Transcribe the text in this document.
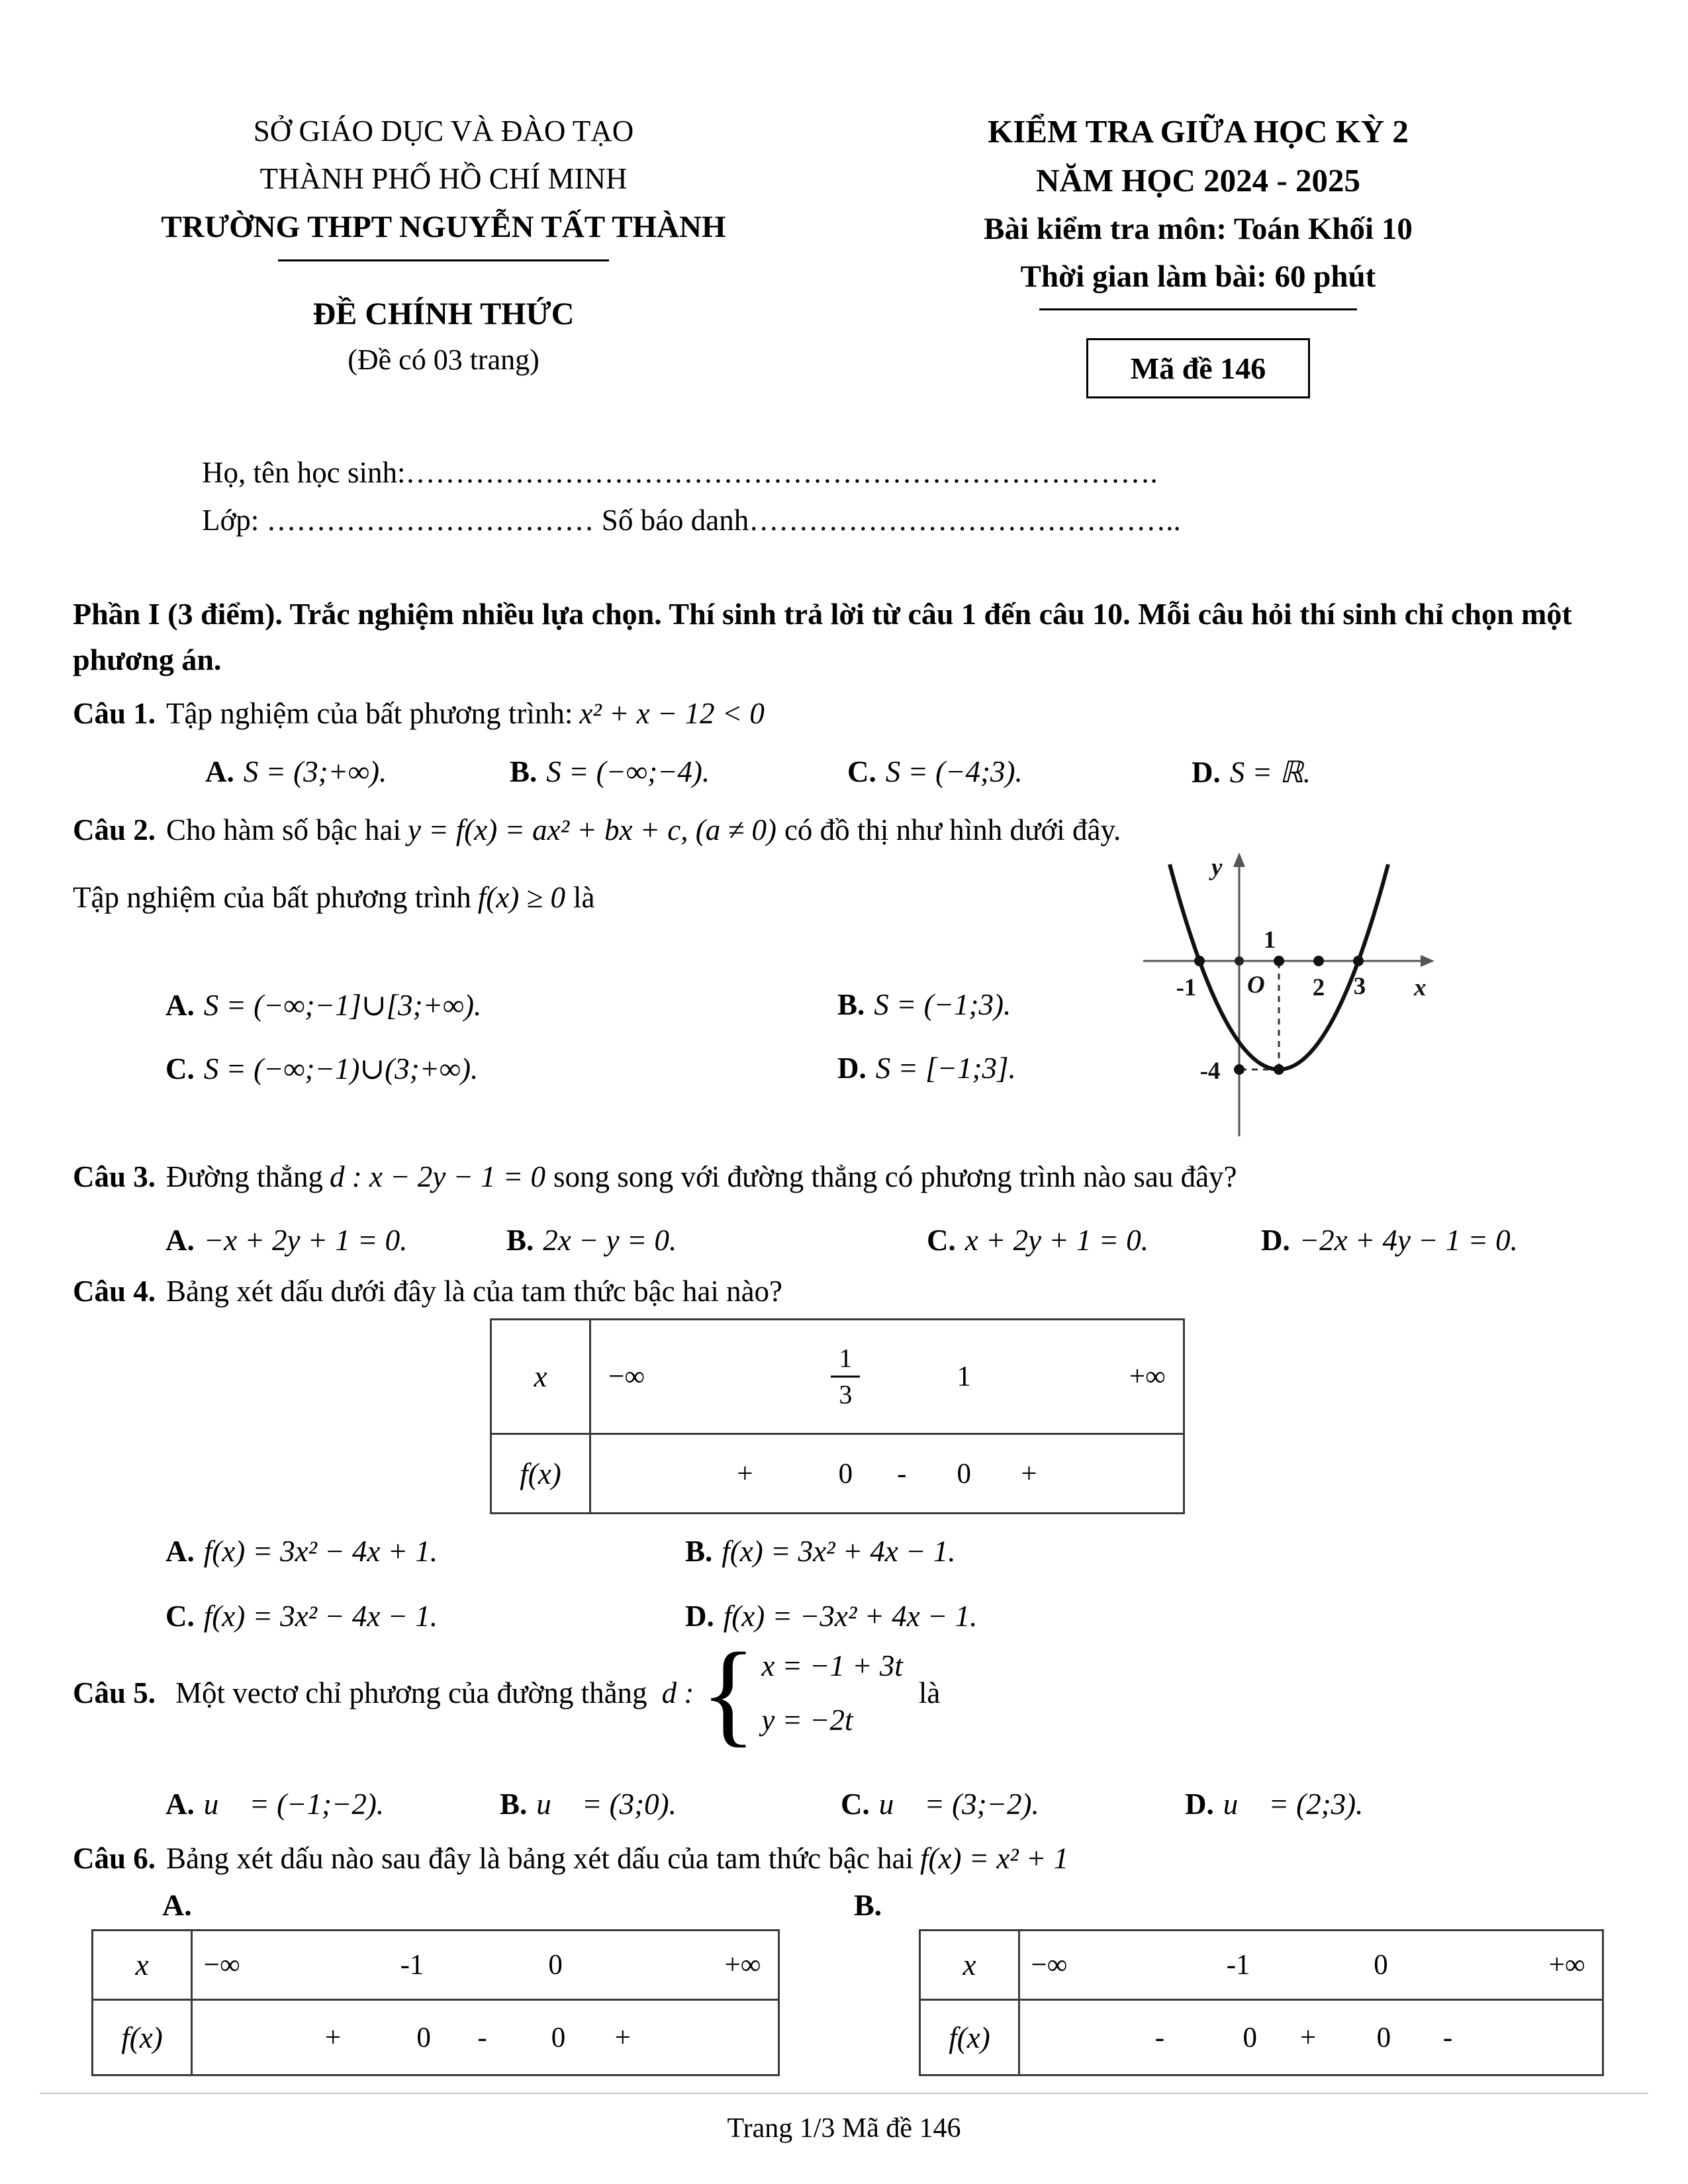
SỞ GIÁO DỤC VÀ ĐÀO TẠO
THÀNH PHỐ HỒ CHÍ MINH
TRƯỜNG THPT NGUYỄN TẤT THÀNH
ĐỀ CHÍNH THỨC
(Đề có 03 trang)
KIỂM TRA GIỮA HỌC KỲ 2
NĂM HỌC 2024 - 2025
Bài kiểm tra môn: Toán Khối 10
Thời gian làm bài: 60 phút
Mã đề 146
Họ, tên học sinh:………………………………………………………………….
Lớp: …………………………… Số báo danh……………………………………..
Phần I (3 điểm). Trắc nghiệm nhiều lựa chọn. Thí sinh trả lời từ câu 1 đến câu 10. Mỗi câu hỏi thí sinh chỉ chọn một phương án.

Câu 1. Tập nghiệm của bất phương trình: x² + x − 12 < 0

A. S = (3;+∞).	B. S = (−∞;−4).	C. S = (−4;3).	D. S = ℝ.

Câu 2. Cho hàm số bậc hai y = f(x) = ax² + bx + c, (a ≠ 0) có đồ thị như hình dưới đây.

Tập nghiệm của bất phương trình f(x) ≥ 0 là

A. S = (−∞;−1]∪[3;+∞).	B. S = (−1;3).
C. S = (−∞;−1)∪(3;+∞).	D. S = [−1;3].
y
x
O
-1
1
2 3
-4

Câu 3. Đường thẳng d : x − 2y − 1 = 0 song song với đường thẳng có phương trình nào sau đây?

A. −x + 2y + 1 = 0.	B. 2x − y = 0.	C. x + 2y + 1 = 0.	D. −2x + 4y − 1 = 0.

Câu 4. Bảng xét dấu dưới đây là của tam thức bậc hai nào?

x	−∞	$\frac{1}{3}$	1	+∞
f(x)	+	0 - 0 +
A. f(x) = 3x² − 4x + 1.	B. f(x) = 3x² + 4x − 1.
C. f(x) = 3x² − 4x − 1.	D. f(x) = −3x² + 4x − 1.
Câu 5. Một vectơ chỉ phương của đường thẳng d : { x = −1 + 3t
y = −2t
là
A. u⃗ = (−1;−2).	B. u⃗ = (3;0).	C. u⃗ = (3;−2).	D. u⃗ = (2;3).

Câu 6. Bảng xét dấu nào sau đây là bảng xét dấu của tam thức bậc hai f(x) = x² + 1

A.	B.
x	−∞	-1	0	+∞
f(x)	+	0 - 0 +
x	−∞	-1	0	+∞
f(x)	-	0 + 0 -
Trang 1/3 Mã đề 146
